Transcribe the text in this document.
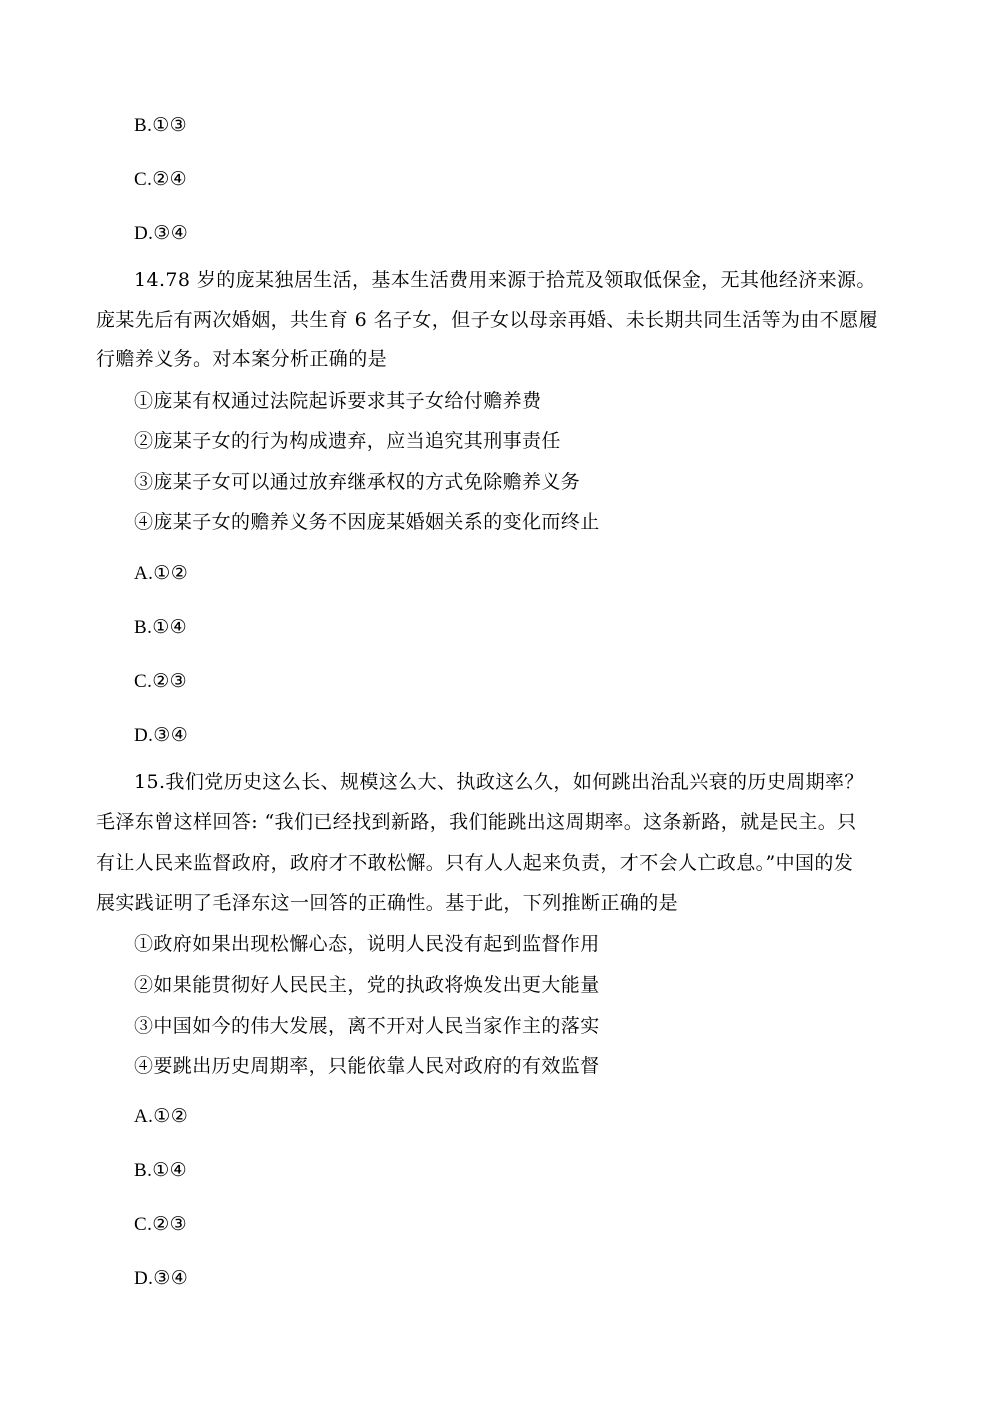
B.①③
C.②④
D.③④
14.78 岁的庞某独居生活，基本生活费用来源于拾荒及领取低保金，无其他经济来源。
庞某先后有两次婚姻，共生育 6 名子女，但子女以母亲再婚、未长期共同生活等为由不愿履
行赡养义务。对本案分析正确的是
①庞某有权通过法院起诉要求其子女给付赡养费
②庞某子女的行为构成遗弃，应当追究其刑事责任
③庞某子女可以通过放弃继承权的方式免除赡养义务
④庞某子女的赡养义务不因庞某婚姻关系的变化而终止
A.①②
B.①④
C.②③
D.③④
15.我们党历史这么长、规模这么大、执政这么久，如何跳出治乱兴衰的历史周期率？
毛泽东曾这样回答: “我们已经找到新路，我们能跳出这周期率。这条新路，就是民主。只
有让人民来监督政府，政府才不敢松懈。只有人人起来负责，才不会人亡政息。”中国的发
展实践证明了毛泽东这一回答的正确性。基于此，下列推断正确的是
①政府如果出现松懈心态，说明人民没有起到监督作用
②如果能贯彻好人民民主，党的执政将焕发出更大能量
③中国如今的伟大发展，离不开对人民当家作主的落实
④要跳出历史周期率，只能依靠人民对政府的有效监督
A.①②
B.①④
C.②③
D.③④
